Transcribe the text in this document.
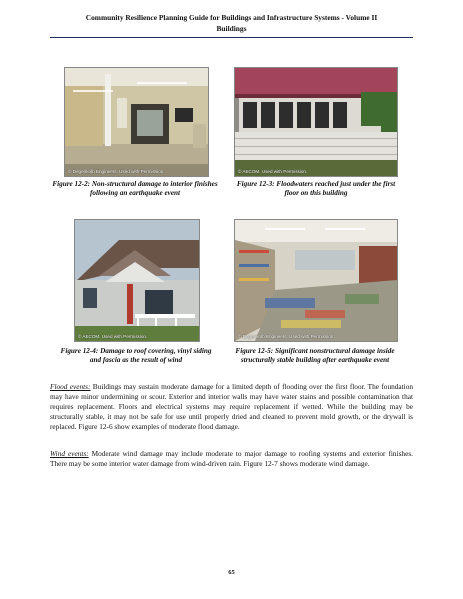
Community Resilience Planning Guide for Buildings and Infrastructure Systems - Volume II
Buildings
© Degenkolb Engineers. Used with Permission.
Figure 12-2: Non-structural damage to interior finishes following an earthquake event
© AECOM. Used with Permission.
Figure 12-3: Floodwaters reached just under the first floor on this building
© AECOM. Used with Permission.
Figure 12-4: Damage to roof covering, vinyl siding and fascia as the result of wind
© Degenkolb Engineers. Used with Permission.
Figure 12-5: Significant nonstructural damage inside structurally stable building after earthquake event

Flood events: Buildings may sustain moderate damage for a limited depth of flooding over the first floor. The foundation may have minor undermining or scour. Exterior and interior walls may have water stains and possible contamination that requires replacement. Floors and electrical systems may require replacement if wetted. While the building may be structurally stable, it may not be safe for use until properly dried and cleaned to prevent mold growth, or the drywall is replaced. Figure 12-6 show examples of moderate flood damage.

Wind events: Moderate wind damage may include moderate to major damage to roofing systems and exterior finishes. There may be some interior water damage from wind-driven rain. Figure 12-7 shows moderate wind damage.

65
